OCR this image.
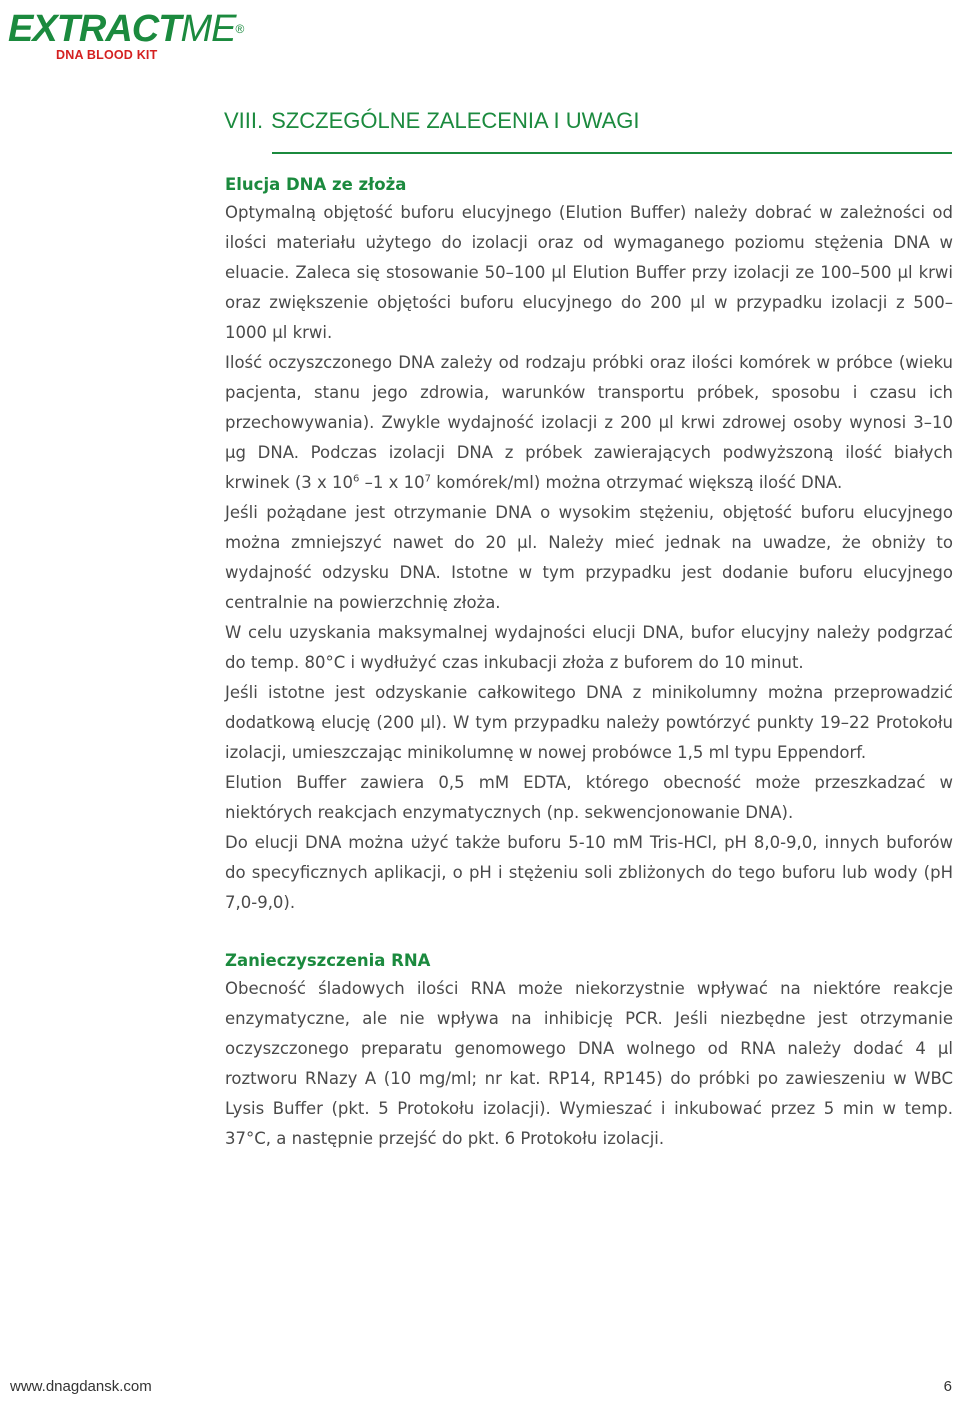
EXTRACTME®
DNA BLOOD KIT
VIII. SZCZEGÓLNE ZALECENIA I UWAGI
Elucja DNA ze złoża

Optymalną objętość buforu elucyjnego (Elution Buffer) należy dobrać w zależności od ilości materiału użytego do izolacji oraz od wymaganego poziomu stężenia DNA w eluacie. Zaleca się stosowanie 50–100 µl Elution Buffer przy izolacji ze 100–500 µl krwi oraz zwiększenie objętości buforu elucyjnego do 200 µl w przypadku izolacji z 500–1000 µl krwi.

Ilość oczyszczonego DNA zależy od rodzaju próbki oraz ilości komórek w próbce (wieku pacjenta, stanu jego zdrowia, warunków transportu próbek, sposobu i czasu ich przechowywania). Zwykle wydajność izolacji z 200 µl krwi zdrowej osoby wynosi 3–10 µg DNA. Podczas izolacji DNA z próbek zawierających podwyższoną ilość białych krwinek (3 x $10^6$ –1 x $10^7$ komórek/ml) można otrzymać większą ilość DNA.

Jeśli pożądane jest otrzymanie DNA o wysokim stężeniu, objętość buforu elucyjnego można zmniejszyć nawet do 20 µl. Należy mieć jednak na uwadze, że obniży to wydajność odzysku DNA. Istotne w tym przypadku jest dodanie buforu elucyjnego centralnie na powierzchnię złoża.

W celu uzyskania maksymalnej wydajności elucji DNA, bufor elucyjny należy podgrzać do temp. 80°C i wydłużyć czas inkubacji złoża z buforem do 10 minut.

Jeśli istotne jest odzyskanie całkowitego DNA z minikolumny można przeprowadzić dodatkową elucję (200 µl). W tym przypadku należy powtórzyć punkty 19–22 Protokołu izolacji, umieszczając minikolumnę w nowej probówce 1,5 ml typu Eppendorf.

Elution Buffer zawiera 0,5 mM EDTA, którego obecność może przeszkadzać w niektórych reakcjach enzymatycznych (np. sekwencjonowanie DNA).

Do elucji DNA można użyć także buforu 5-10 mM Tris-HCl, pH 8,0-9,0, innych buforów do specyficznych aplikacji, o pH i stężeniu soli zbliżonych do tego buforu lub wody (pH 7,0-9,0).

Zanieczyszczenia RNA

Obecność śladowych ilości RNA może niekorzystnie wpływać na niektóre reakcje enzymatyczne, ale nie wpływa na inhibicję PCR. Jeśli niezbędne jest otrzymanie oczyszczonego preparatu genomowego DNA wolnego od RNA należy dodać 4 µl roztworu RNazy A (10 mg/ml; nr kat. RP14, RP145) do próbki po zawieszeniu w WBC Lysis Buffer (pkt. 5 Protokołu izolacji). Wymieszać i inkubować przez 5 min w temp. 37°C, a następnie przejść do pkt. 6 Protokołu izolacji.

www.dnagdansk.com	6
